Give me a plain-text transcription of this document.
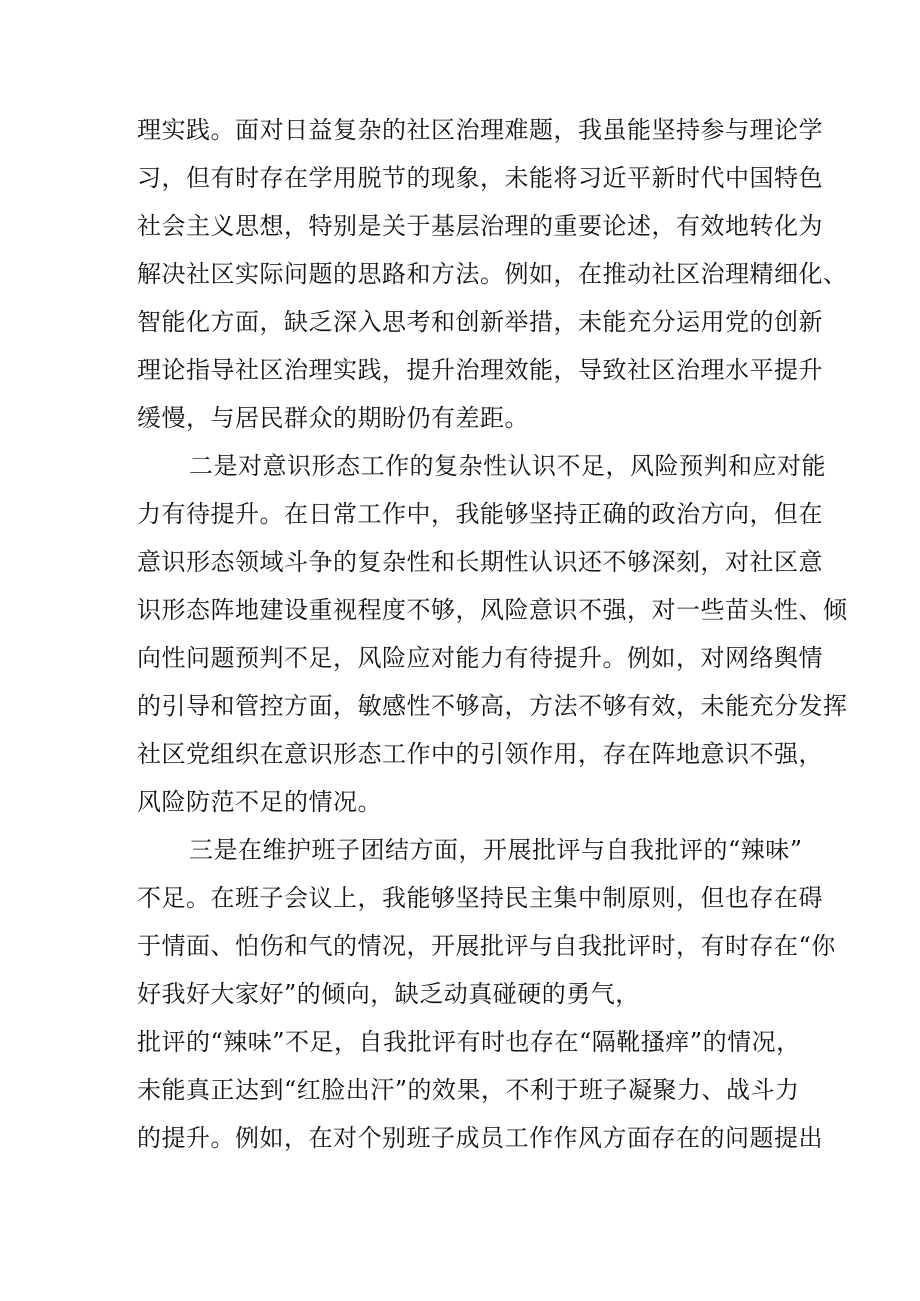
理实践。面对日益复杂的社区治理难题，我虽能坚持参与理论学
习，但有时存在学用脱节的现象，未能将习近平新时代中国特色
社会主义思想，特别是关于基层治理的重要论述，有效地转化为
解决社区实际问题的思路和方法。例如，在推动社区治理精细化、
智能化方面，缺乏深入思考和创新举措，未能充分运用党的创新
理论指导社区治理实践，提升治理效能，导致社区治理水平提升
缓慢，与居民群众的期盼仍有差距。
二是对意识形态工作的复杂性认识不足，风险预判和应对能
力有待提升。在日常工作中，我能够坚持正确的政治方向，但在
意识形态领域斗争的复杂性和长期性认识还不够深刻，对社区意
识形态阵地建设重视程度不够，风险意识不强，对一些苗头性、倾
向性问题预判不足，风险应对能力有待提升。例如，对网络舆情
的引导和管控方面，敏感性不够高，方法不够有效，未能充分发挥
社区党组织在意识形态工作中的引领作用，存在阵地意识不强，
风险防范不足的情况。
三是在维护班子团结方面，开展批评与自我批评的“辣味”
不足。在班子会议上，我能够坚持民主集中制原则，但也存在碍
于情面、怕伤和气的情况，开展批评与自我批评时，有时存在“你
好我好大家好”的倾向，缺乏动真碰硬的勇气，
批评的“辣味”不足，自我批评有时也存在“隔靴搔痒”的情况，
未能真正达到“红脸出汗”的效果，不利于班子凝聚力、战斗力
的提升。例如，在对个别班子成员工作作风方面存在的问题提出
